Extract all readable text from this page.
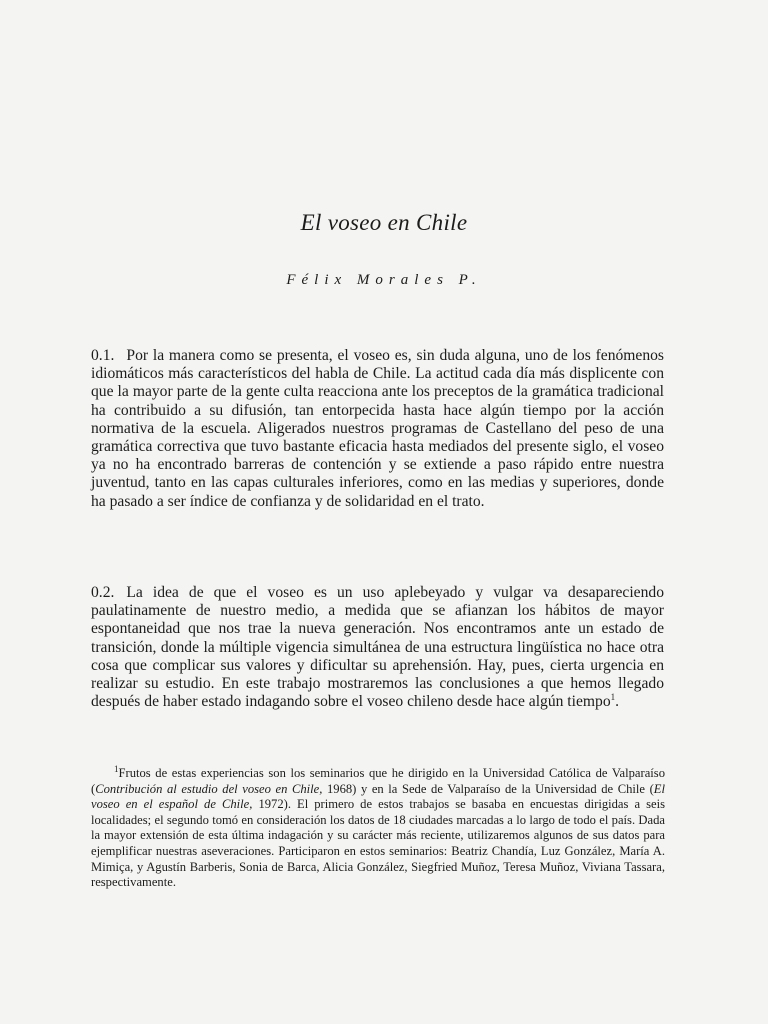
El voseo en Chile

Félix Morales P.

0.1. Por la manera como se presenta, el voseo es, sin duda alguna, uno de los fenómenos idiomáticos más característicos del habla de Chile. La actitud cada día más displicente con que la mayor parte de la gente culta reacciona ante los preceptos de la gramática tradicional ha contribuido a su difusión, tan entorpecida hasta hace algún tiempo por la acción normativa de la escuela. Aligerados nuestros programas de Castellano del peso de una gramática correctiva que tuvo bastante eficacia hasta mediados del presente siglo, el voseo ya no ha encontrado barreras de contención y se extiende a paso rápido entre nuestra juventud, tanto en las capas culturales inferiores, como en las medias y superiores, donde ha pasado a ser índice de confianza y de solidaridad en el trato.

0.2. La idea de que el voseo es un uso aplebeyado y vulgar va desapareciendo paulatinamente de nuestro medio, a medida que se afianzan los hábitos de mayor espontaneidad que nos trae la nueva generación. Nos encontramos ante un estado de transición, donde la múltiple vigencia simultánea de una estructura lingüística no hace otra cosa que complicar sus valores y dificultar su aprehensión. Hay, pues, cierta urgencia en realizar su estudio. En este trabajo mostraremos las conclusiones a que hemos llegado después de haber estado indagando sobre el voseo chileno desde hace algún tiempo$^1$.

$^1$Frutos de estas experiencias son los seminarios que he dirigido en la Universidad Católica de Valparaíso (Contribución al estudio del voseo en Chile, 1968) y en la Sede de Valparaíso de la Universidad de Chile (El voseo en el español de Chile, 1972). El primero de estos trabajos se basaba en encuestas dirigidas a seis localidades; el segundo tomó en consideración los datos de 18 ciudades marcadas a lo largo de todo el país. Dada la mayor extensión de esta última indagación y su carácter más reciente, utilizaremos algunos de sus datos para ejemplificar nuestras aseveraciones. Participaron en estos seminarios: Beatriz Chandía, Luz González, María A. Mimiça, y Agustín Barberis, Sonia de Barca, Alicia González, Siegfried Muñoz, Teresa Muñoz, Viviana Tassara, respectivamente.
